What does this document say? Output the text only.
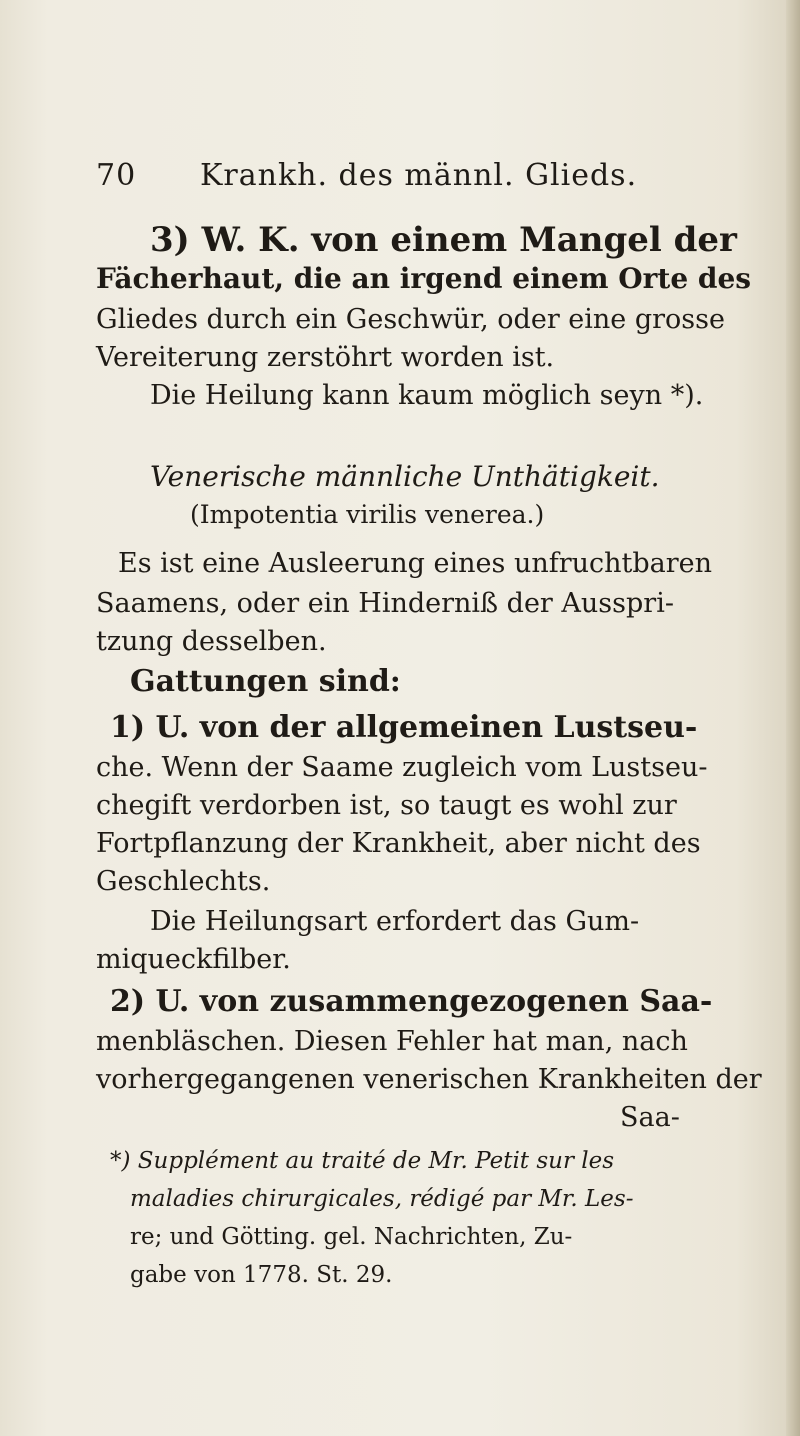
70 Krankh. des männl. Glieds.
3) W. K. von einem Mangel der
Fächerhaut, die an irgend einem Orte des
Gliedes durch ein Geschwür, oder eine grosse
Vereiterung zerstöhrt worden ist.
Die Heilung kann kaum möglich seyn *).
Venerische männliche Unthätigkeit.
(Impotentia virilis venerea.)
Es ist eine Ausleerung eines unfruchtbaren
Saamens, oder ein Hinderniß der Ausspri-
tzung desselben.
Gattungen sind:
1) U. von der allgemeinen Lustseu-
che. Wenn der Saame zugleich vom Lustseu-
chegift verdorben ist, so taugt es wohl zur
Fortpflanzung der Krankheit, aber nicht des
Geschlechts.
Die Heilungsart erfordert das Gum-
miqueckfilber.
2) U. von zusammengezogenen Saa-
menbläschen. Diesen Fehler hat man, nach
vorhergegangenen venerischen Krankheiten der
Saa-
*) Supplément au traité de Mr. Petit sur les
maladies chirurgicales, rédigé par Mr. Les-
re; und Götting. gel. Nachrichten, Zu-
gabe von 1778. St. 29.
